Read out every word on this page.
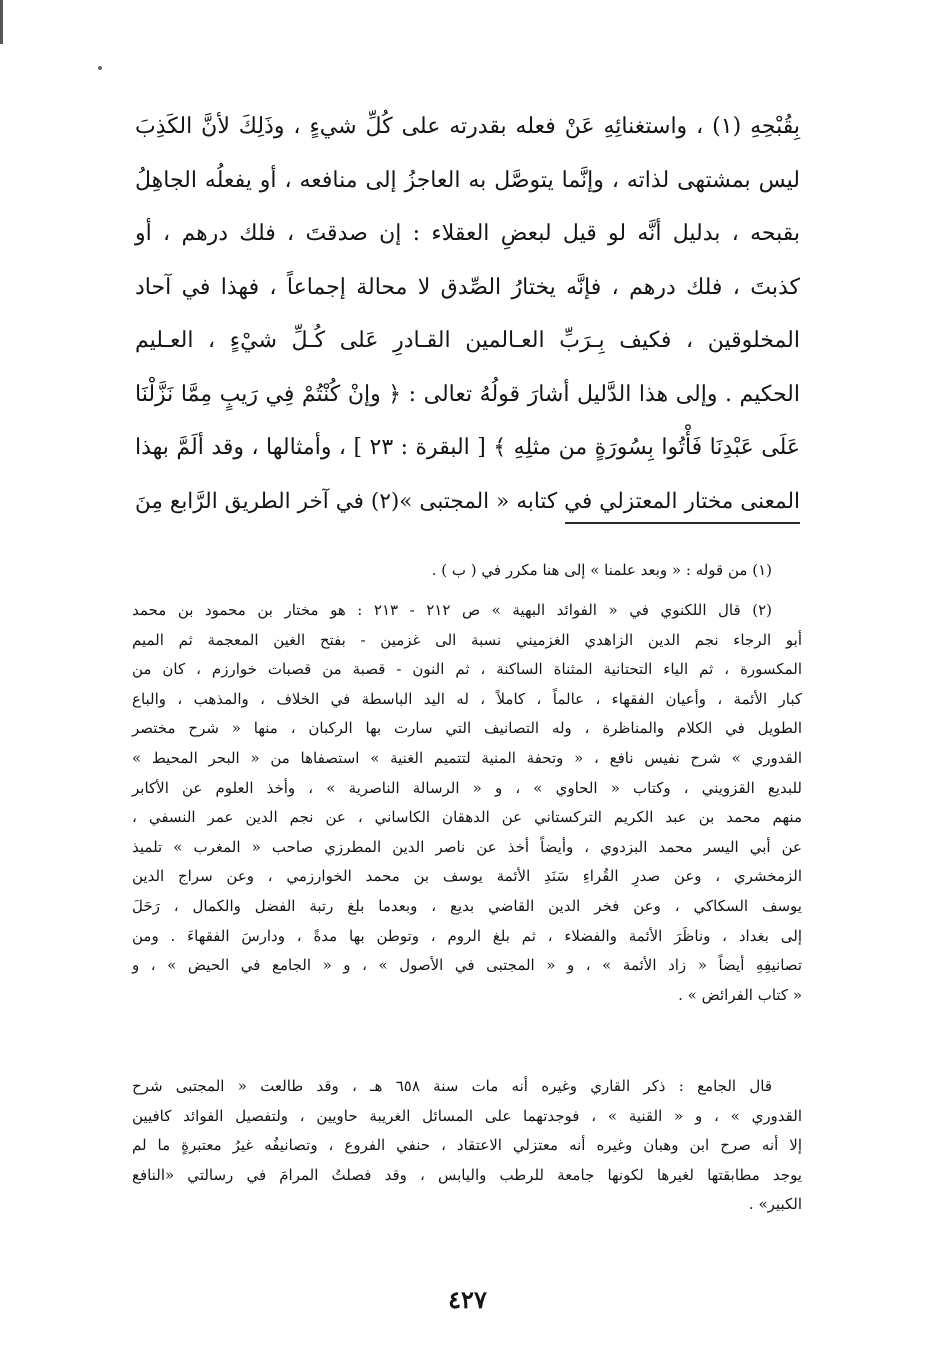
بِقُبْحِهِ (١) ، واستغنائِهِ عَنْ فعله بقدرته على كُلِّ شيءٍ ، وذَلِكَ لأنَّ الكَذِبَ
ليس بمشتهى لذاته ، وإنَّما يتوصَّل به العاجزُ إلى منافعه ، أو يفعلُه الجاهِلُ
بقبحه ، بدليل أنَّه لو قيل لبعضِ العقلاء : إن صدقتَ ، فلك درهم ، أو
كذبتَ ، فلك درهم ، فإنَّه يختارُ الصِّدق لا محالة إجماعاً ، فهذا في آحاد
المخلوقين ، فكيف بِـرَبِّ العـالمين القـادرِ عَلى كُـلِّ شيْءٍ ، العـليم
الحكيم . وإلى هذا الدَّليل أشارَ قولُهُ تعالى : ﴿ وإنْ كُنْتُمْ فِي رَيبٍ مِمَّا نَزَّلْنَا
عَلَى عَبْدِنَا فَأْتُوا بِسُورَةٍ من مثلِهِ ﴾ [ البقرة : ٢٣ ] ، وأمثالها ، وقد ألَمَّ بهذا
المعنى مختار المعتزلي في كتابه « المجتبى »(٢) في آخر الطريق الرَّابع مِنَ
(١) من قوله : « وبعد علمنا » إلى هنا مكرر في ( ب ) .
(٢) قال اللكنوي في « الفوائد البهية » ص ٢١٢ - ٢١٣ : هو مختار بن محمود بن محمد
أبو الرجاء نجم الدين الزاهدي الغزميني نسبة الى غزمين - بفتح الغين المعجمة ثم الميم
المكسورة ، ثم الياء التحتانية المثناة الساكنة ، ثم النون - قصبة من قصبات خوارزم ، كان من
كبار الأئمة ، وأعيان الفقهاء ، عالماً ، كاملاً ، له اليد الباسطة في الخلاف ، والمذهب ، والباع
الطويل في الكلام والمناظرة ، وله التصانيف التي سارت بها الركبان ، منها « شرح مختصر
القدوري » شرح نفيس نافع ، « وتحفة المنية لتتميم الغنية » استصفاها من « البحر المحيط »
للبديع القزويني ، وكتاب « الحاوي » ، و « الرسالة الناصرية » ، وأخذ العلوم عن الأكابر
منهم محمد بن عبد الكريم التركستاني عن الدهقان الكاساني ، عن نجم الدين عمر النسفي ،
عن أبي اليسر محمد البزدوي ، وأيضاً أخذ عن ناصر الدين المطرزي صاحب « المغرب » تلميذ
الزمخشري ، وعن صدرِ القُراءِ سَنَدِ الأئمة يوسف بن محمد الخوارزمي ، وعن سراج الدين
يوسف السكاكي ، وعن فخر الدين القاضي بديع ، وبعدما بلغ رتبة الفضل والكمال ، رَحَلَ
إلى بغداد ، وناظَرَ الأئمة والفضلاء ، ثم بلغ الروم ، وتوطن بها مدةً ، ودارسَ الفقهاءَ . ومن
تصانيفِهِ أيضاً « زاد الأئمة » ، و « المجتبى في الأصول » ، و « الجامع في الحيض » ، و
« كتاب الفرائض » .
قال الجامع : ذكر القاري وغيره أنه مات سنة ٦٥٨ هـ ، وقد طالعت « المجتبى شرح
القدوري » ، و « القنية » ، فوجدتهما على المسائل الغريبة حاويين ، ولتفصيل الفوائد كافيين
إلا أنه صرح ابن وهبان وغيره أنه معتزلي الاعتقاد ، حنفي الفروع ، وتصانيفُه غيرُ معتبرةٍ ما لم
يوجد مطابقتها لغيرها لكونها جامعة للرطب واليابس ، وقد فصلتُ المرامَ في رسالتي «النافع
الكبير» .
٤٢٧
